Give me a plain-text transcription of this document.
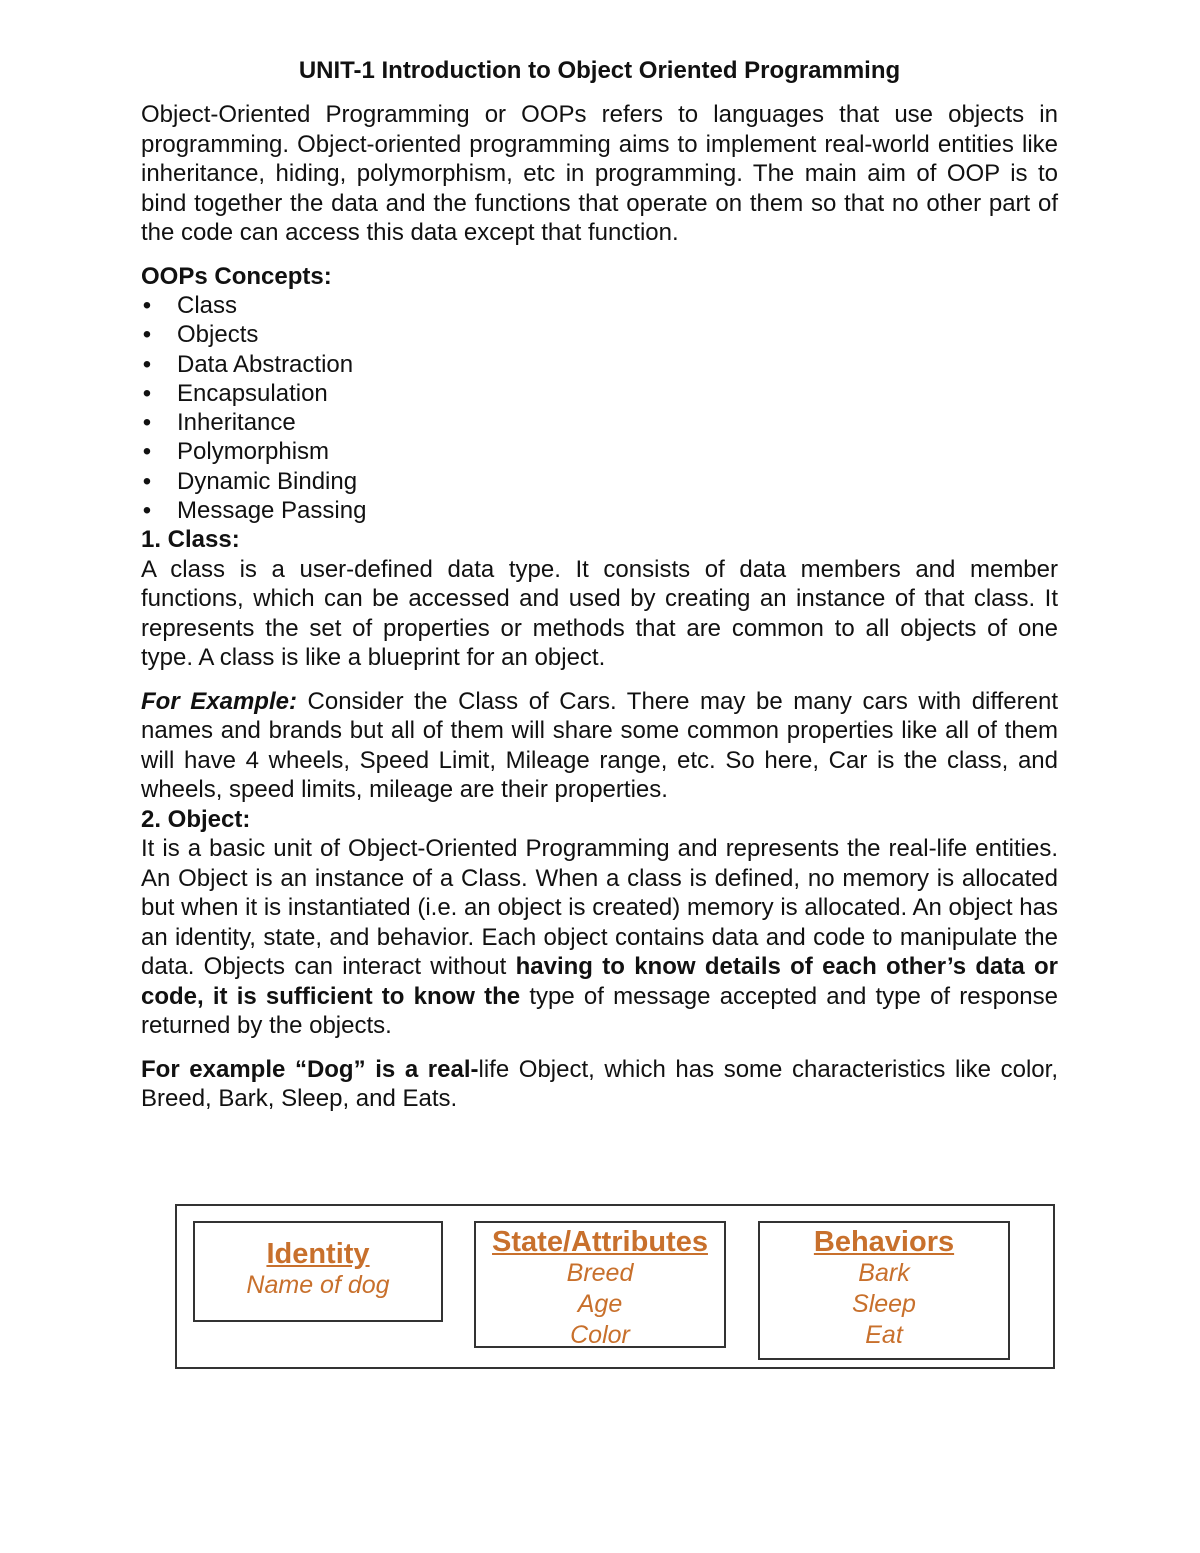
UNIT-1 Introduction to Object Oriented Programming

Object-Oriented Programming or OOPs refers to languages that use objects in programming. Object-oriented programming aims to implement real-world entities like inheritance, hiding, polymorphism, etc in programming. The main aim of OOP is to bind together the data and the functions that operate on them so that no other part of the code can access this data except that function.

OOPs Concepts:
• Class
• Objects
• Data Abstraction
• Encapsulation
• Inheritance
• Polymorphism
• Dynamic Binding
• Message Passing
1. Class:

A class is a user-defined data type. It consists of data members and member functions, which can be accessed and used by creating an instance of that class. It represents the set of properties or methods that are common to all objects of one type. A class is like a blueprint for an object.

For Example: Consider the Class of Cars. There may be many cars with different names and brands but all of them will share some common properties like all of them will have 4 wheels, Speed Limit, Mileage range, etc. So here, Car is the class, and wheels, speed limits, mileage are their properties.

2. Object:

It is a basic unit of Object-Oriented Programming and represents the real-life entities. An Object is an instance of a Class. When a class is defined, no memory is allocated but when it is instantiated (i.e. an object is created) memory is allocated. An object has an identity, state, and behavior. Each object contains data and code to manipulate the data. Objects can interact without having to know details of each other’s data or code, it is sufficient to know the type of message accepted and type of response returned by the objects.

For example “Dog” is a real-life Object, which has some characteristics like color, Breed, Bark, Sleep, and Eats.

Identity
Name of dog
State/Attributes
Breed
Age
Color
Behaviors
Bark
Sleep
Eat
